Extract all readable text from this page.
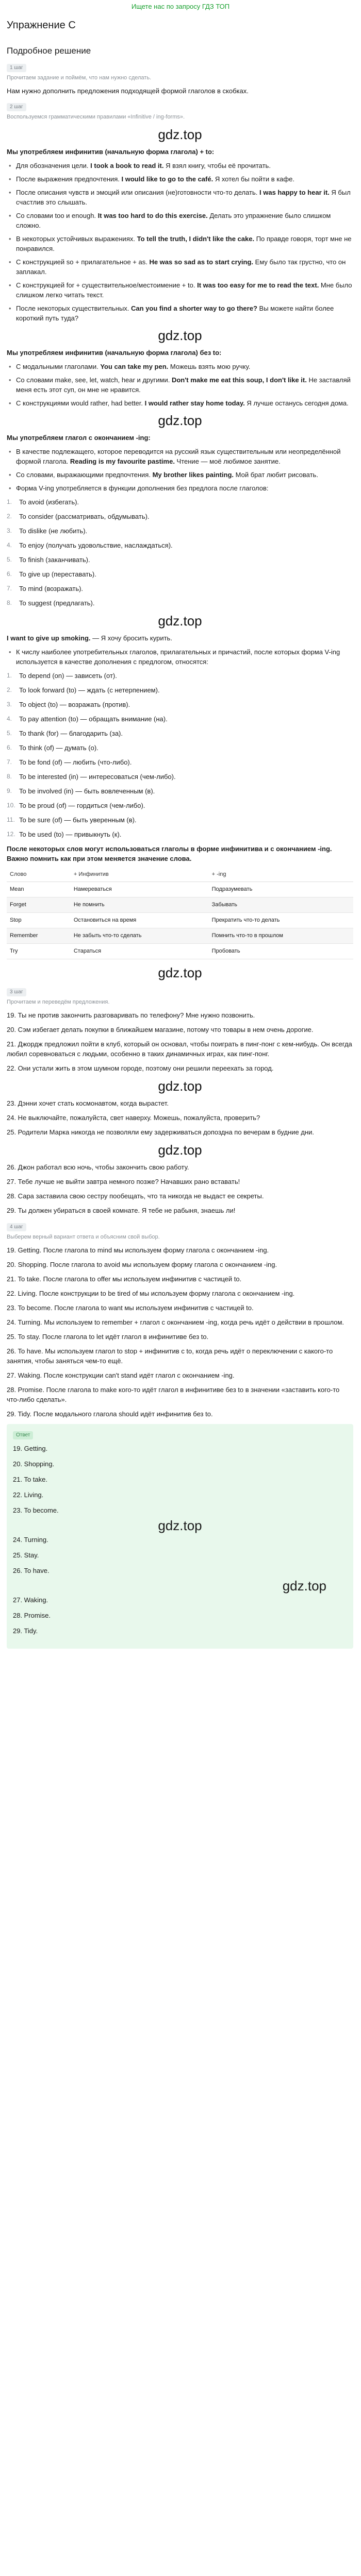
Ищете нас по запросу ГДЗ ТОП
Упражнение C
Подробное решение
1 шаг
Прочитаем задание и поймём, что нам нужно сделать.

Нам нужно дополнить предложения подходящей формой глаголов в скобках.

2 шаг
Воспользуемся грамматическими правилами «Infinitive / ing-forms».
gdz.top

Мы употребляем инфинитив (начальную форма глагола) + to:

• Для обозначения цели. I took a book to read it. Я взял книгу, чтобы её прочитать.
• После выражения предпочтения. I would like to go to the café. Я хотел бы пойти в кафе.
• После описания чувств и эмоций или описания (не)готовности что-то делать. I was happy to hear it. Я был счастлив это слышать.
• Со словами too и enough. It was too hard to do this exercise. Делать это упражнение было слишком сложно.
• В некоторых устойчивых выражениях. To tell the truth, I didn't like the cake. По правде говоря, торт мне не понравился.
• С конструкцией so + прилагательное + as. He was so sad as to start crying. Ему было так грустно, что он заплакал.
• С конструкцией for + существительное/местоимение + to. It was too easy for me to read the text. Мне было слишком легко читать текст.
• После некоторых существительных. Can you find a shorter way to go there? Вы можете найти более короткий путь туда?
gdz.top

Мы употребляем инфинитив (начальную форма глагола) без to:

• С модальными глаголами. You can take my pen. Можешь взять мою ручку.
• Со словами make, see, let, watch, hear и другими. Don't make me eat this soup, I don't like it. Не заставляй меня есть этот суп, он мне не нравится.
• С конструкциями would rather, had better. I would rather stay home today. Я лучше останусь сегодня дома.
gdz.top

Мы употребляем глагол с окончанием -ing:

• В качестве подлежащего, которое переводится на русский язык существительным или неопределённой формой глагола. Reading is my favourite pastime. Чтение — моё любимое занятие.
• Со словами, выражающими предпочтения. My brother likes painting. Мой брат любит рисовать.
• Форма V-ing употребляется в функции дополнения без предлога после глаголов:
1. To avoid (избегать).
2. To consider (рассматривать, обдумывать).
3. To dislike (не любить).
4. To enjoy (получать удовольствие, наслаждаться).
5. To finish (заканчивать).
6. To give up (переставать).
7. To mind (возражать).
8. To suggest (предлагать).
gdz.top

I want to give up smoking. — Я хочу бросить курить.

• К числу наиболее употребительных глаголов, прилагательных и причастий, после которых форма V-ing используется в качестве дополнения с предлогом, относятся:
1. To depend (on) — зависеть (от).
2. To look forward (to) — ждать (с нетерпением).
3. To object (to) — возражать (против).
4. To pay attention (to) — обращать внимание (на).
5. To thank (for) — благодарить (за).
6. To think (of) — думать (о).
7. To be fond (of) — любить (что-либо).
8. To be interested (in) — интересоваться (чем-либо).
9. To be involved (in) — быть вовлеченным (в).
10. To be proud (of) — гордиться (чем-либо).
11. To be sure (of) — быть уверенным (в).
12. To be used (to) — привыкнуть (к).

После некоторых слов могут использоваться глаголы в форме инфинитива и с окончанием -ing. Важно помнить как при этом меняется значение слова.

Слово	+ Инфинитив	+ -ing
Mean	Намереваться	Подразумевать
Forget	Не помнить	Забывать
Stop	Остановиться на время	Прекратить что-то делать
Remember	Не забыть что-то сделать	Помнить что-то в прошлом
Try	Стараться	Пробовать
gdz.top
3 шаг
Прочитаем и переведём предложения.

19. Ты не против закончить разговаривать по телефону? Мне нужно позвонить.

20. Сэм избегает делать покупки в ближайшем магазине, потому что товары в нем очень дорогие.

21. Джордж предложил пойти в клуб, который он основал, чтобы поиграть в пинг-понг с кем-нибудь. Он всегда любил соревноваться с людьми, особенно в таких динамичных играх, как пинг-понг.

22. Они устали жить в этом шумном городе, поэтому они решили переехать за город.

gdz.top

23. Дэнни хочет стать космонавтом, когда вырастет.

24. Не выключайте, пожалуйста, свет наверху. Можешь, пожалуйста, проверить?

25. Родители Марка никогда не позволяли ему задерживаться допоздна по вечерам в будние дни.

gdz.top

26. Джон работал всю ночь, чтобы закончить свою работу.

27. Тебе лучше не выйти завтра немного позже? Начавших рано вставать!

28. Сара заставила свою сестру пообещать, что та никогда не выдаст ее секреты.

29. Ты должен убираться в своей комнате. Я тебе не рабыня, знаешь ли!

4 шаг
Выберем верный вариант ответа и объясним свой выбор.

19. Getting. После глагола to mind мы используем форму глагола с окончанием -ing.

20. Shopping. После глагола to avoid мы используем форму глагола с окончанием -ing.

21. To take. После глагола to offer мы используем инфинитив с частицей to.

22. Living. После конструкции to be tired of мы используем форму глагола с окончанием -ing.

23. To become. После глагола to want мы используем инфинитив с частицей to.

24. Turning. Мы используем to remember + глагол с окончанием -ing, когда речь идёт о действии в прошлом.

25. To stay. После глагола to let идёт глагол в инфинитиве без to.

26. To have. Мы используем глагол to stop + инфинитив с to, когда речь идёт о переключении с какого-то занятия, чтобы заняться чем-то ещё.

27. Waking. После конструкции can't stand идёт глагол с окончанием -ing.

28. Promise. После глагола to make кого-то идёт глагол в инфинитиве без to в значении «заставить кого-то что-либо сделать».

29. Tidy. После модального глагола should идёт инфинитив без to.

Ответ
19. Getting.
20. Shopping.
21. To take.
22. Living.
23. To become.
gdz.top
24. Turning.
25. Stay.
26. To have.
gdz.top
27. Waking.
28. Promise.
29. Tidy.
